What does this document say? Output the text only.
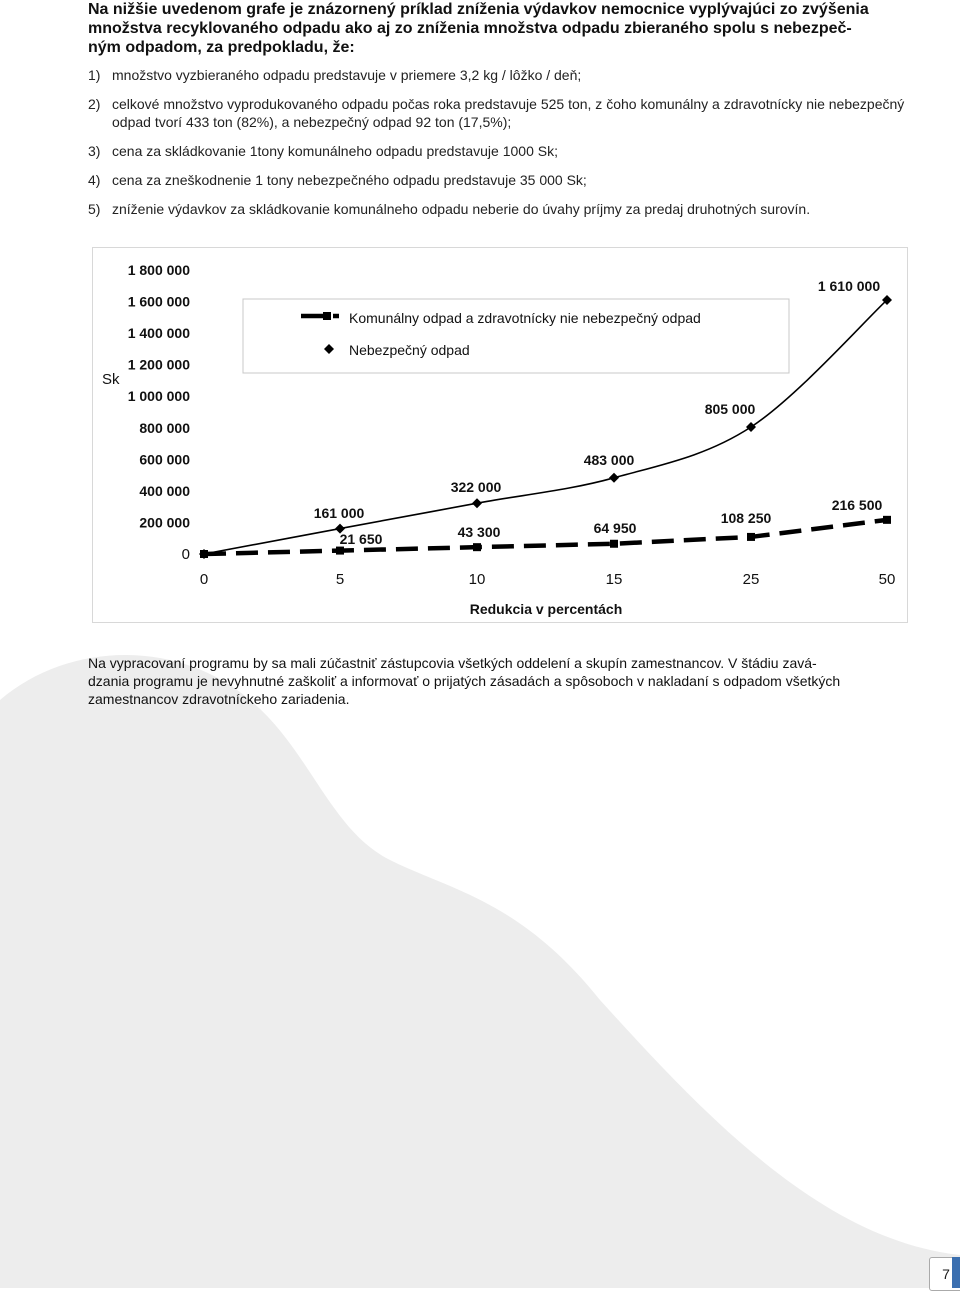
Na nižšie uvedenom grafe je znázornený príklad zníženia výdavkov nemocnice vyplývajúci zo zvýšenia
množstva recyklovaného odpadu ako aj zo zníženia množstva odpadu zbieraného spolu s nebezpeč-
ným odpadom, za predpokladu, že:
1) množstvo vyzbieraného odpadu predstavuje v priemere 3,2 kg / lôžko / deň;
2) celkové množstvo vyprodukovaného odpadu počas roka predstavuje 525 ton, z čoho komunálny a zdravotnícky nie nebezpečný odpad tvorí 433 ton (82%), a nebezpečný odpad 92 ton (17,5%);
3) cena za skládkovanie 1tony komunálneho odpadu predstavuje 1000 Sk;
4) cena za zneškodnenie 1 tony nebezpečného odpadu predstavuje 35 000 Sk;
5) zníženie výdavkov za skládkovanie komunálneho odpadu neberie do úvahy príjmy za predaj druhotných surovín.
0
200 000
400 000
600 000
800 000
1 000 000
1 200 000
1 400 000
1 600 000
1 800 000
Sk
0	5	10	15	25	50
Redukcia v percentách
161 000
322 000
483 000
805 000
1 610 000
21 650	43 300	64 950
108 250
216 500
Komunálny odpad a zdravotnícky nie nebezpečný odpad
Nebezpečný odpad
Na vypracovaní programu by sa mali zúčastniť zástupcovia všetkých oddelení a skupín zamestnancov. V štádiu zavá-
dzania programu je nevyhnutné zaškoliť a informovať o prijatých zásadách a spôsoboch v nakladaní s odpadom všetkých
zamestnancov zdravotníckeho zariadenia.
7
